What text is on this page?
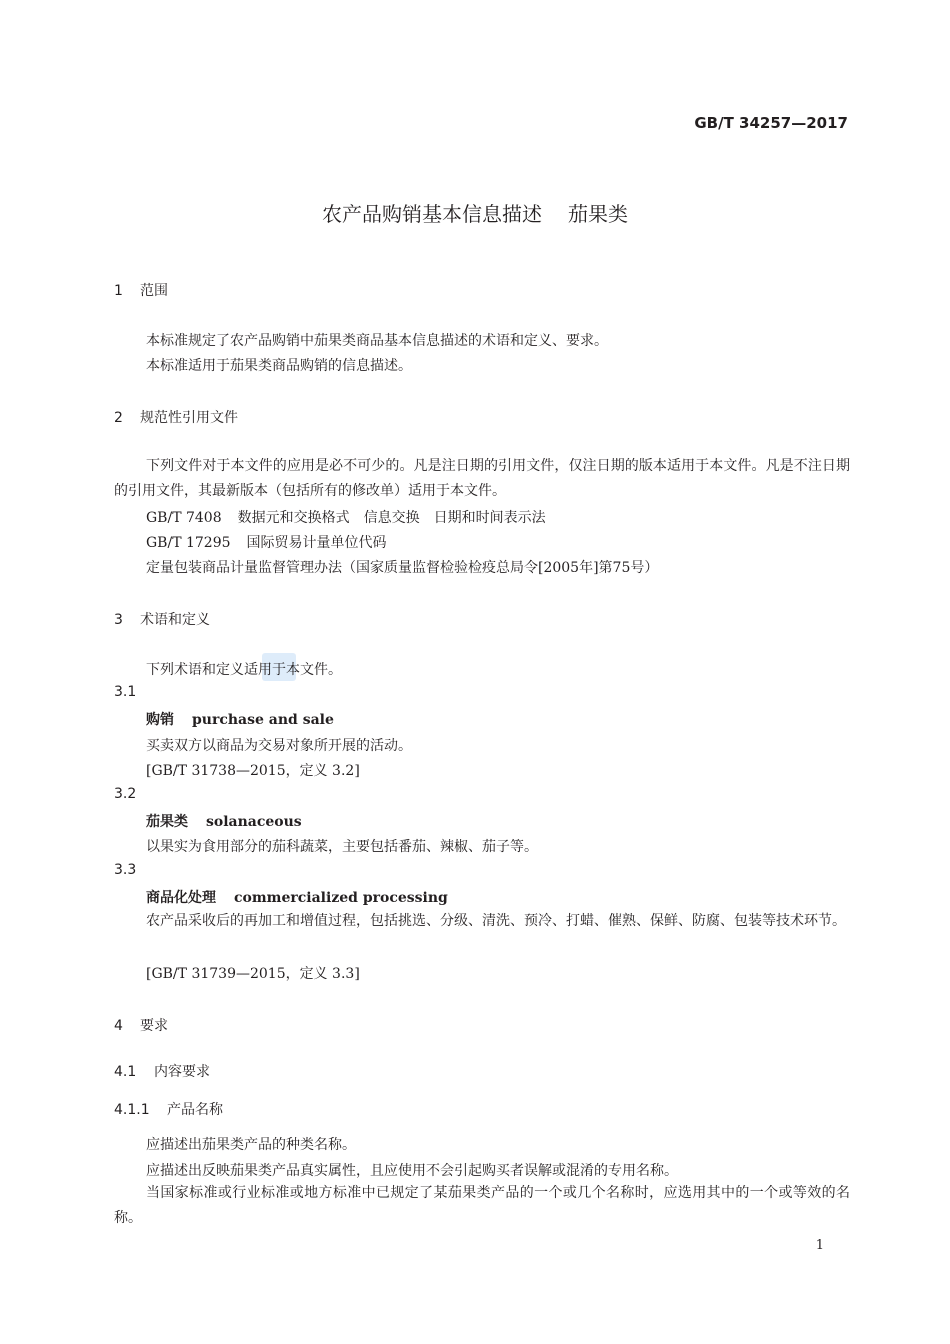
GB/T 34257—2017
农产品购销基本信息描述 茄果类
1 范围
本标准规定了农产品购销中茄果类商品基本信息描述的术语和定义、要求。
本标准适用于茄果类商品购销的信息描述。
2 规范性引用文件
下列文件对于本文件的应用是必不可少的。凡是注日期的引用文件，仅注日期的版本适用于本文件。凡是不注日期的引用文件，其最新版本（包括所有的修改单）适用于本文件。
GB/T 7408 数据元和交换格式　信息交换　日期和时间表示法
GB/T 17295 国际贸易计量单位代码
定量包装商品计量监督管理办法（国家质量监督检验检疫总局令[2005年]第75号）
3 术语和定义
下列术语和定义适用于本文件。
3.1
购销 purchase and sale
买卖双方以商品为交易对象所开展的活动。
[GB/T 31738—2015，定义 3.2]
3.2
茄果类 solanaceous
以果实为食用部分的茄科蔬菜，主要包括番茄、辣椒、茄子等。
3.3
商品化处理 commercialized processing
农产品采收后的再加工和增值过程，包括挑选、分级、清洗、预冷、打蜡、催熟、保鲜、防腐、包装等技术环节。
[GB/T 31739—2015，定义 3.3]
4 要求
4.1 内容要求
4.1.1 产品名称
应描述出茄果类产品的种类名称。
应描述出反映茄果类产品真实属性，且应使用不会引起购买者误解或混淆的专用名称。
当国家标准或行业标准或地方标准中已规定了某茄果类产品的一个或几个名称时，应选用其中的一个或等效的名称。
1
